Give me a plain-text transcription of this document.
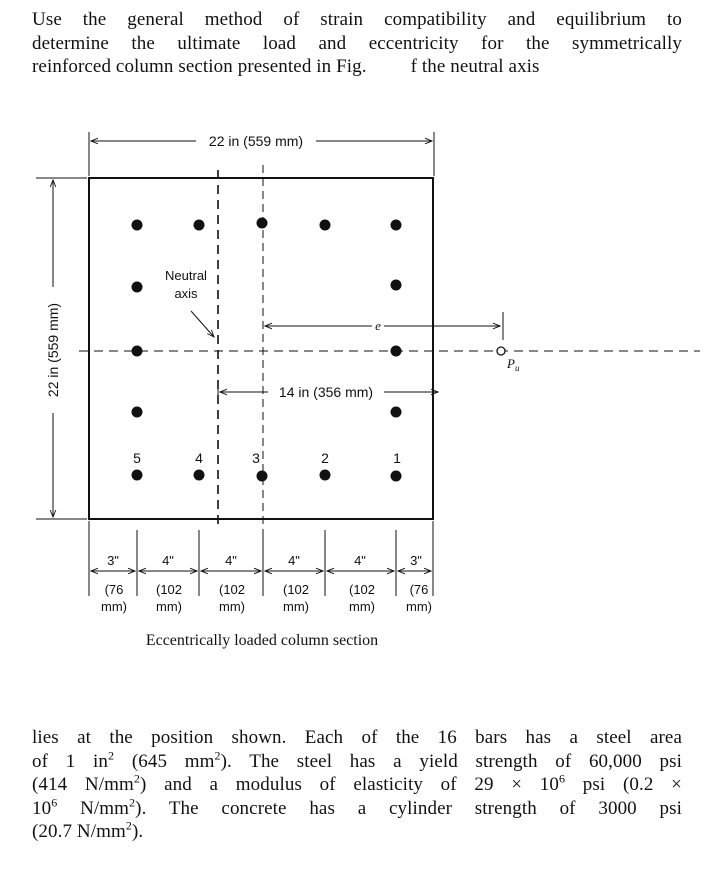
Use the general method of strain compatibility and equilibrium to
determine the ultimate load and eccentricity for the symmetrically
reinforced column section presented in Fig. f the neutral axis

22 in (559 mm)
22 in (559 mm)
Neutral
axis
e
$P_u$
14 in (356 mm)
5	4	3	2	1
3"	4"	4"	4"	4"	3"
(76	(102	(102	(102	(102	(76
mm) mm)	mm)	mm)	mm) mm)
Eccentrically loaded column section

lies at the position shown. Each of the 16 bars has a steel area
of 1 $in^2$ (645 $mm^2$). The steel has a yield strength of 60,000 psi
(414 $N/mm^2$) and a modulus of elasticity of $29 \times 10^6$ psi (0.2 ×
$10^6$ $N/mm^2$). The concrete has a cylinder strength of 3000 psi
(20.7 $N/mm^2$).
